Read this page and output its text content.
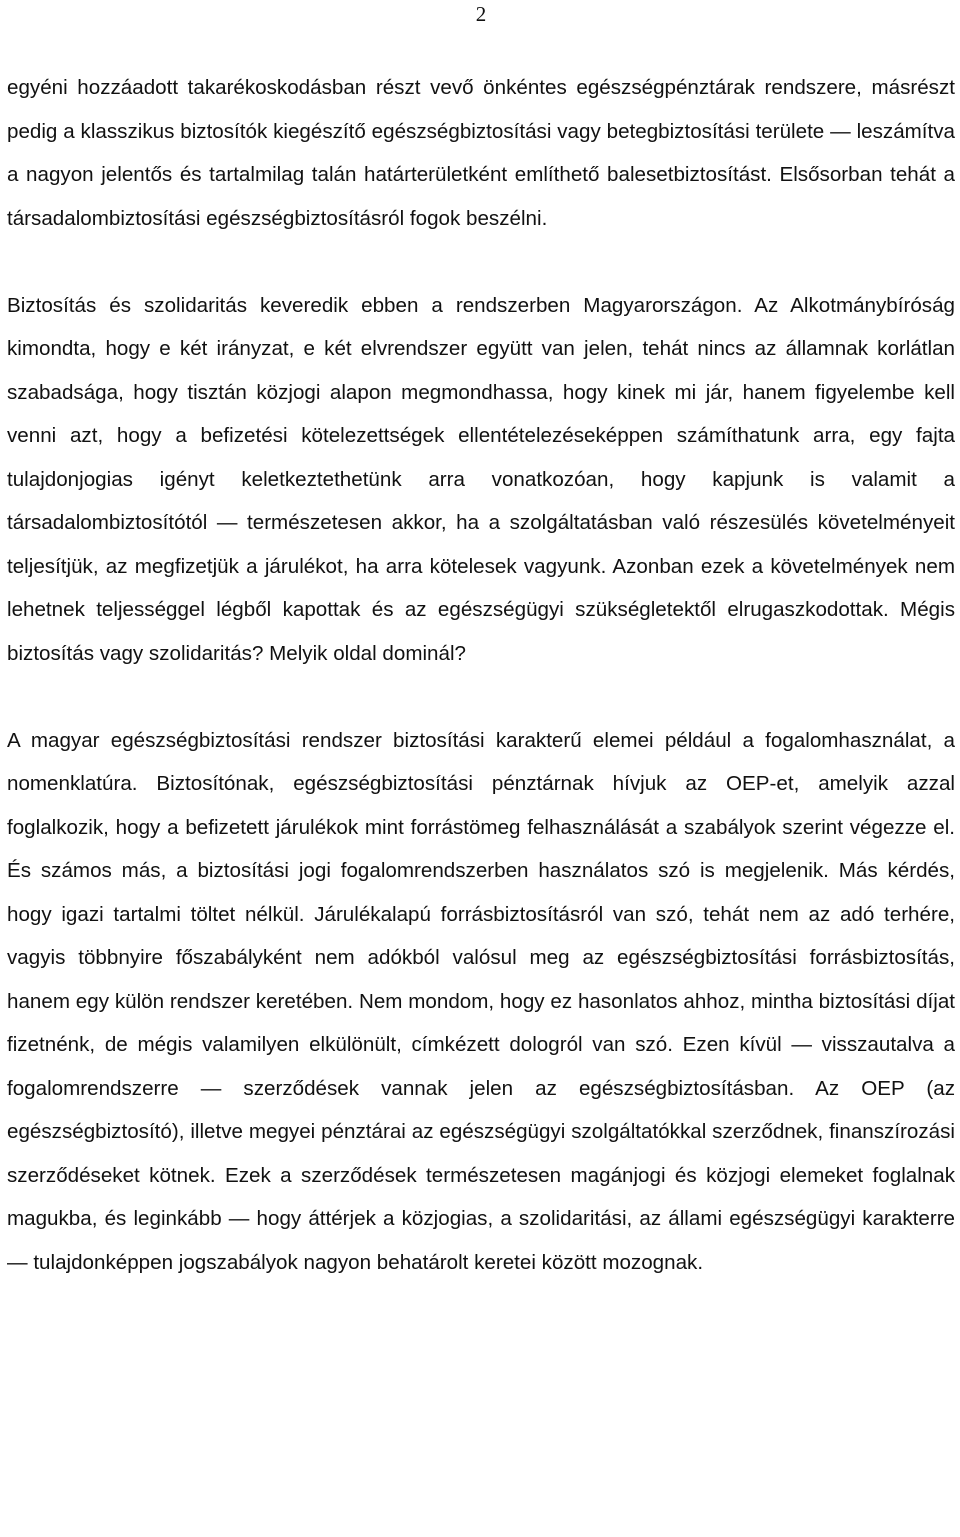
2

egyéni hozzáadott takarékoskodásban részt vevő önkéntes egészségpénztárak rendszere, másrészt pedig a klasszikus biztosítók kiegészítő egészségbiztosítási vagy betegbiztosítási területe — leszámítva a nagyon jelentős és tartalmilag talán határterületként említhető balesetbiztosítást. Elsősorban tehát a társadalombiztosítási egészségbiztosításról fogok beszélni.

Biztosítás és szolidaritás keveredik ebben a rendszerben Magyarországon. Az Alkotmánybíróság kimondta, hogy e két irányzat, e két elvrendszer együtt van jelen, tehát nincs az államnak korlátlan szabadsága, hogy tisztán közjogi alapon megmondhassa, hogy kinek mi jár, hanem figyelembe kell venni azt, hogy a befizetési kötelezettségek ellentételezéseképpen számíthatunk arra, egy fajta tulajdonjogias igényt keletkeztethetünk arra vonatkozóan, hogy kapjunk is valamit a társadalombiztosítótól — természetesen akkor, ha a szolgáltatásban való részesülés követelményeit teljesítjük, az megfizetjük a járulékot, ha arra kötelesek vagyunk. Azonban ezek a követelmények nem lehetnek teljességgel légből kapottak és az egészségügyi szükségletektől elrugaszkodottak. Mégis biztosítás vagy szolidaritás? Melyik oldal dominál?

A magyar egészségbiztosítási rendszer biztosítási karakterű elemei például a fogalomhasználat, a nomenklatúra. Biztosítónak, egészségbiztosítási pénztárnak hívjuk az OEP-et, amelyik azzal foglalkozik, hogy a befizetett járulékok mint forrástömeg felhasználását a szabályok szerint végezze el. És számos más, a biztosítási jogi fogalomrendszerben használatos szó is megjelenik. Más kérdés, hogy igazi tartalmi töltet nélkül. Járulékalapú forrásbiztosításról van szó, tehát nem az adó terhére, vagyis többnyire főszabályként nem adókból valósul meg az egészségbiztosítási forrásbiztosítás, hanem egy külön rendszer keretében. Nem mondom, hogy ez hasonlatos ahhoz, mintha biztosítási díjat fizetnénk, de mégis valamilyen elkülönült, címkézett dologról van szó. Ezen kívül — visszautalva a fogalomrendszerre — szerződések vannak jelen az egészségbiztosításban. Az OEP (az egészségbiztosító), illetve megyei pénztárai az egészségügyi szolgáltatókkal szerződnek, finanszírozási szerződéseket kötnek. Ezek a szerződések természetesen magánjogi és közjogi elemeket foglalnak magukba, és leginkább — hogy áttérjek a közjogias, a szolidaritási, az állami egészségügyi karakterre — tulajdonképpen jogszabályok nagyon behatárolt keretei között mozognak.
